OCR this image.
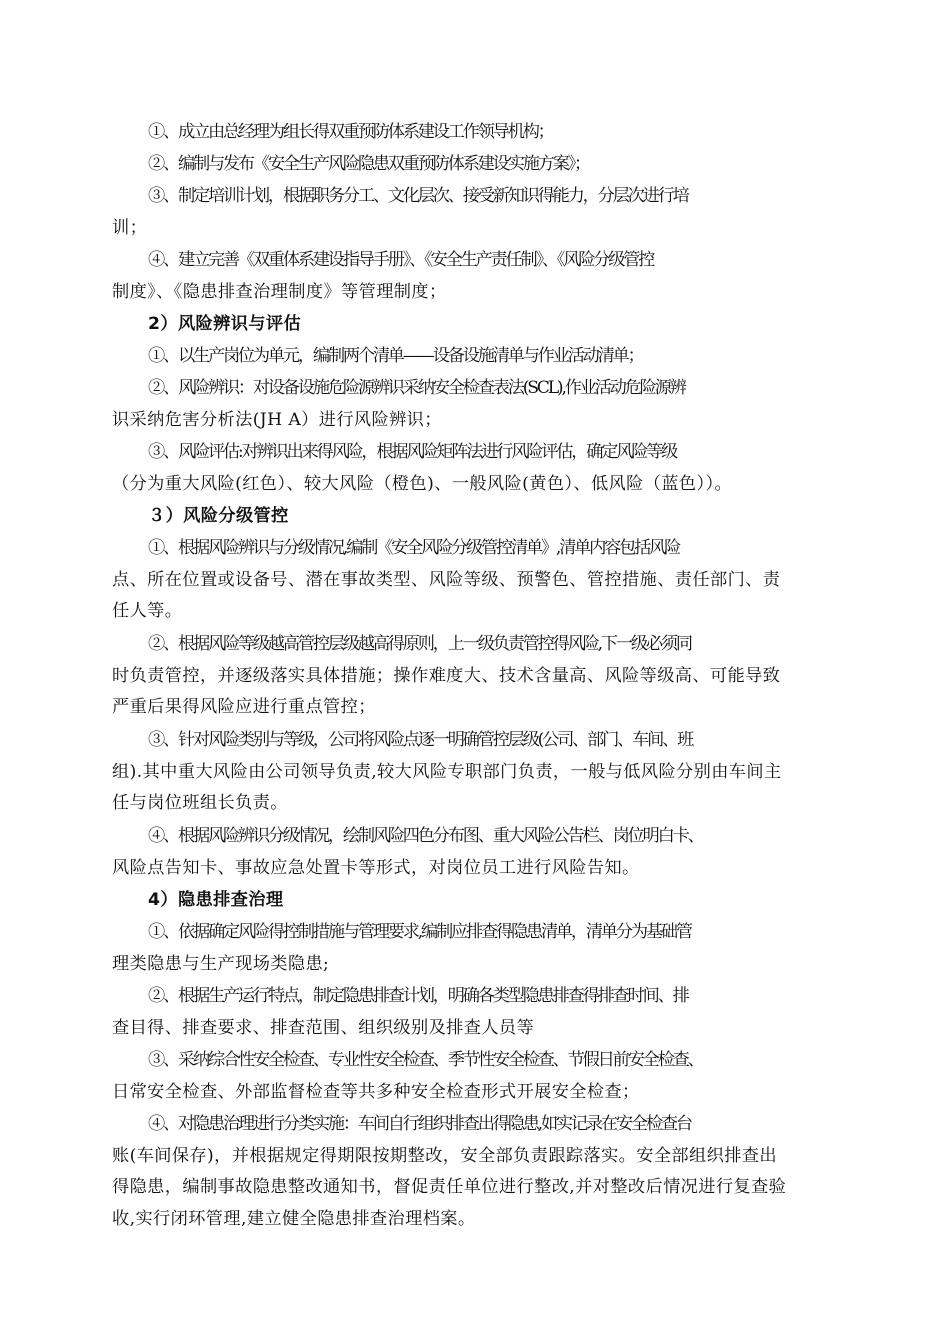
①、成立由总经理为组长得双重预防体系建设工作领导机构；

②、编制与发布《安全生产风险隐患双重预防体系建设实施方案》；

③、制定培训计划，根据职务分工、文化层次、接受新知识得能力，分层次进行培
训；

④、建立完善《双重体系建设指导手册》、《安全生产责任制》、《风险分级管控
制度》、《隐患排查治理制度》等管理制度；

2）风险辨识与评估

①、以生产岗位为单元，编制两个清单——设备设施清单与作业活动清单；

②、风险辨识：对设备设施危险源辨识采纳安全检查表法(SCL),作业活动危险源辨
识采纳危害分析法(JH A）进行风险辨识；

③、风险评估:对辨识出来得风险，根据风险矩阵法进行风险评估，确定风险等级
（分为重大风险(红色）、较大风险（橙色)、一般风险(黄色）、低风险（蓝色））。

３）风险分级管控

①、根据风险辨识与分级情况,编制《安全风险分级管控清单》,清单内容包括风险
点、所在位置或设备号、潜在事故类型、风险等级、预警色、管控措施、责任部门、责
任人等。

②、根据风险等级越高管控层级越高得原则，上一级负责管控得风险,下一级必须同
时负责管控，并逐级落实具体措施；操作难度大、技术含量高、风险等级高、可能导致
严重后果得风险应进行重点管控；

③、针对风险类别与等级，公司将风险点逐一明确管控层级(公司、部门、车间、班
组).其中重大风险由公司领导负责,较大风险专职部门负责，一般与低风险分别由车间主
任与岗位班组长负责。

④、根据风险辨识分级情况，绘制风险四色分布图、重大风险公告栏、岗位明白卡、
风险点告知卡、事故应急处置卡等形式，对岗位员工进行风险告知。

4）隐患排查治理

①、依据确定风险得控制措施与管理要求,编制应排查得隐患清单，清单分为基础管
理类隐患与生产现场类隐患;

②、根据生产运行特点，制定隐患排查计划，明确各类型隐患排查得排查时间、排
查目得、排查要求、排查范围、组织级别及排查人员等

③、采纳综合性安全检查、专业性安全检查、季节性安全检查、节假日前安全检查、
日常安全检查、外部监督检查等共多种安全检查形式开展安全检查；

④、对隐患治理进行分类实施：车间自行组织排查出得隐患,如实记录在安全检查台
账(车间保存)，并根据规定得期限按期整改，安全部负责跟踪落实。安全部组织排查出
得隐患，编制事故隐患整改通知书，督促责任单位进行整改,并对整改后情况进行复查验
收,实行闭环管理,建立健全隐患排查治理档案。
